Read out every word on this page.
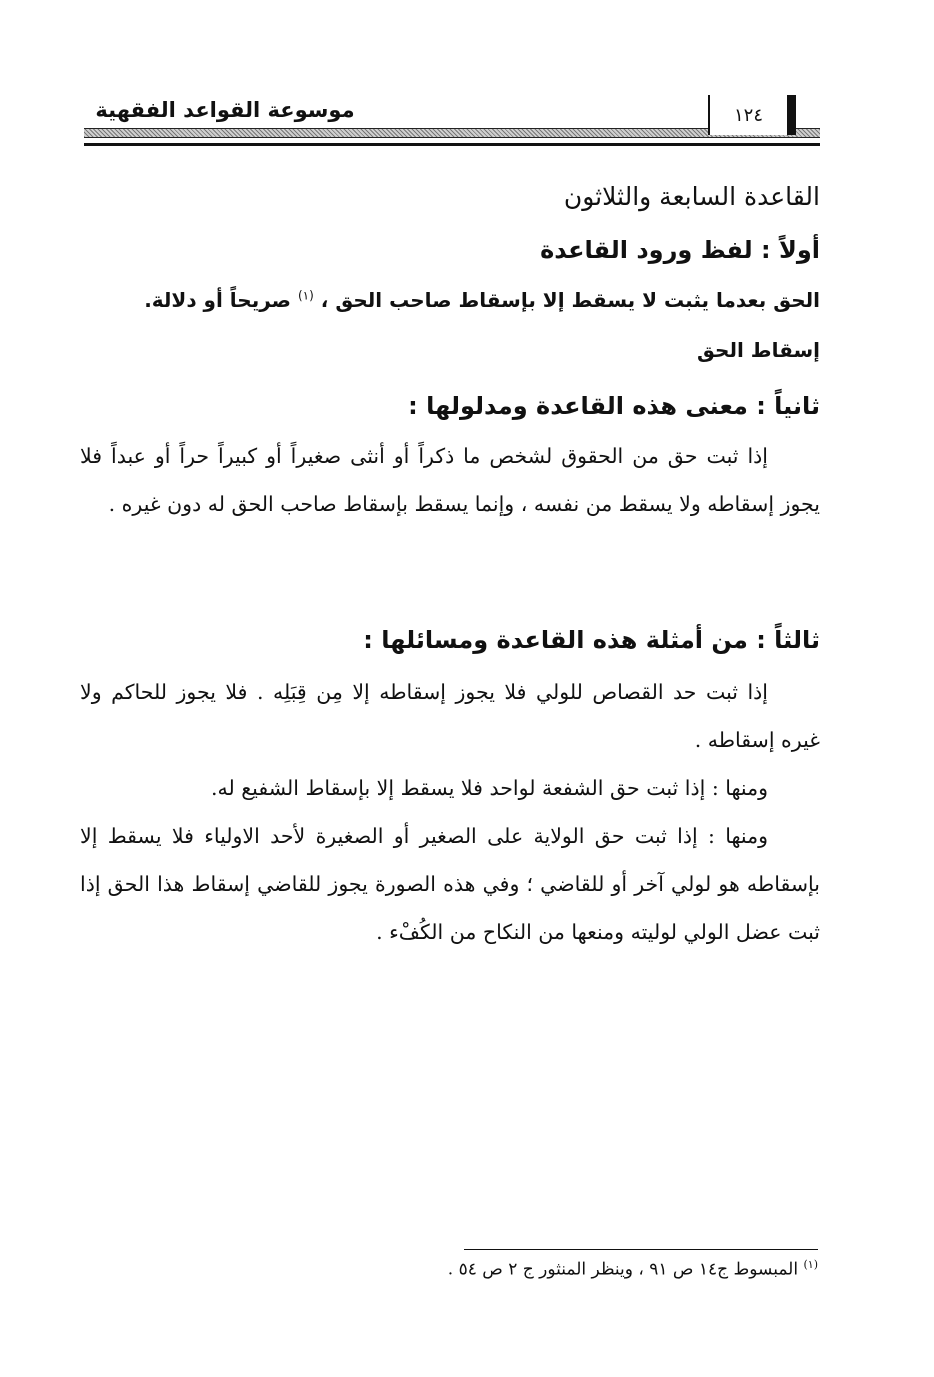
موسوعة القواعد الفقهية	١٢٤
القاعدة السابعة والثلاثون
أولاً : لفظ ورود القاعدة
الحق بعدما يثبت لا يسقط إلا بإسقاط صاحب الحق ، $^{(١)}$ صريحاً أو دلالة.
إسقاط الحق
ثانياً : معنى هذه القاعدة ومدلولها :
إذا ثبت حق من الحقوق لشخص ما ذكراً أو أنثى صغيراً أو كبيراً حراً أو عبداً فلا يجوز إسقاطه ولا يسقط من نفسه ، وإنما يسقط بإسقاط صاحب الحق له دون غيره .
ثالثاً : من أمثلة هذه القاعدة ومسائلها :
إذا ثبت حد القصاص للولي فلا يجوز إسقاطه إلا مِن قِبَلِه . فلا يجوز للحاكم ولا غيره إسقاطه .
ومنها : إذا ثبت حق الشفعة لواحد فلا يسقط إلا بإسقاط الشفيع له.
ومنها : إذا ثبت حق الولاية على الصغير أو الصغيرة لأحد الاولياء فلا يسقط إلا بإسقاطه هو لولي آخر أو للقاضي ؛ وفي هذه الصورة يجوز للقاضي إسقاط هذا الحق إذا ثبت عضل الولي لوليته ومنعها من النكاح من الكُفْء .
$^{(١)}$ المبسوط ج١٤ ص ٩١ ، وينظر المنثور ج ٢ ص ٥٤ .
